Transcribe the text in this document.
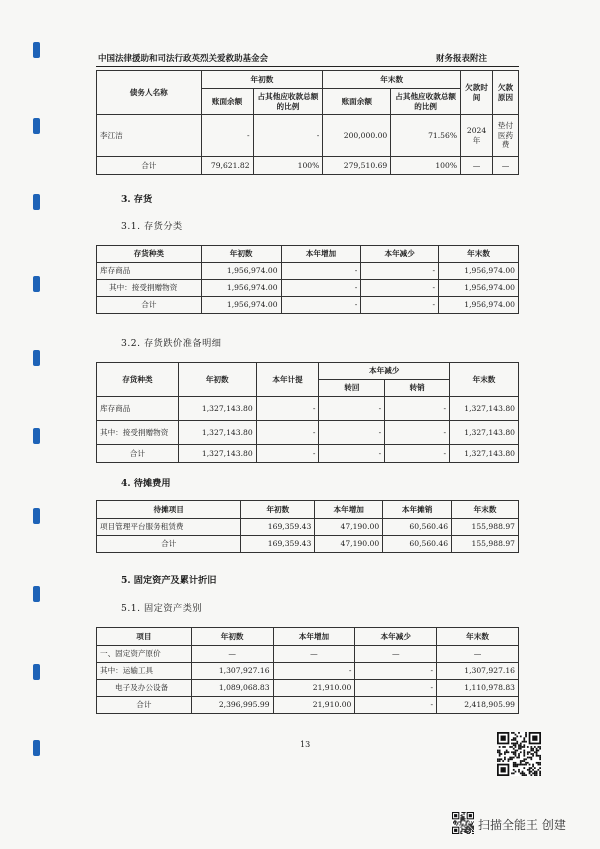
中国法律援助和司法行政英烈关爱救助基金会	财务报表附注
债务人名称	年初数		年末数		欠款时间	欠款原因
	账面余额	占其他应收款总额的比例	账面余额	占其他应收款总额的比例		
李江洁	-	-	200,000.00	71.56%	2024 年	垫付医药费
合计	79,621.82	100%	279,510.69	100%	—	—
3. 存货
3.1. 存货分类
存货种类	年初数	本年增加	本年减少	年末数
库存商品	1,956,974.00	-	-	1,956,974.00
其中：接受捐赠物资	1,956,974.00	-	-	1,956,974.00
合计	1,956,974.00	-	-	1,956,974.00
3.2. 存货跌价准备明细
存货种类	年初数	本年计提	本年减少		年末数
			转回	转销	
库存商品	1,327,143.80	-	-	-	1,327,143.80
其中：接受捐赠物资	1,327,143.80	-	-	-	1,327,143.80
合计	1,327,143.80	-	-	-	1,327,143.80
4. 待摊费用
待摊项目	年初数	本年增加	本年摊销	年末数
项目管理平台服务租赁费	169,359.43	47,190.00	60,560.46	155,988.97
合计	169,359.43	47,190.00	60,560.46	155,988.97
5. 固定资产及累计折旧
5.1. 固定资产类别
项目	年初数	本年增加	本年减少	年末数
一、固定资产原价	—	—	—	—
其中：运输工具	1,307,927.16	-	-	1,307,927.16
电子及办公设备	1,089,068.83	21,910.00	-	1,110,978.83
合计	2,396,995.99	21,910.00	-	2,418,905.99
13
扫描全能王 创建
